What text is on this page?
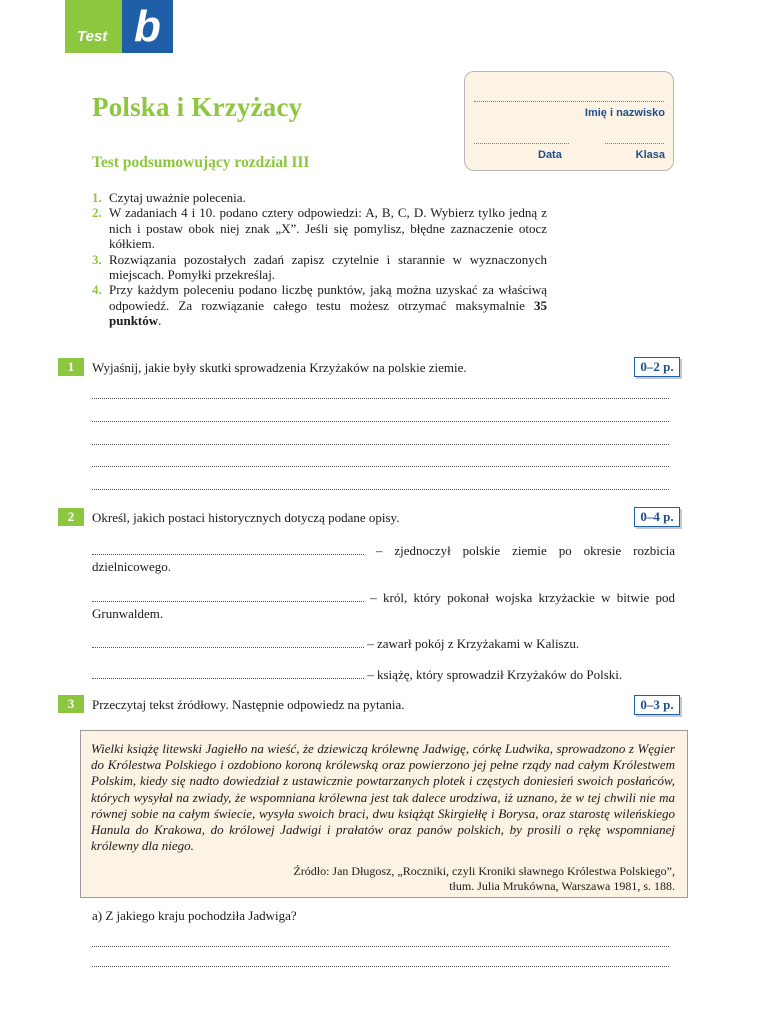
Test b
Polska i Krzyżacy
Test podsumowujący rozdział III
Imię i nazwisko
Data	Klasa
1. Czytaj uważnie polecenia.
2. W zadaniach 4 i 10. podano cztery odpowiedzi: A, B, C, D. Wybierz tylko jedną z nich i postaw obok niej znak „X”. Jeśli się pomylisz, błędne zaznaczenie otocz kółkiem.
3. Rozwiązania pozostałych zadań zapisz czytelnie i starannie w wyznaczonych miejscach. Pomyłki przekreślaj.
4. Przy każdym poleceniu podano liczbę punktów, jaką można uzyskać za właściwą odpowiedź. Za rozwiązanie całego testu możesz otrzymać maksymalnie 35 punktów.
1	Wyjaśnij, jakie były skutki sprowadzenia Krzyżaków na polskie ziemie.	0–2 p.
2	Określ, jakich postaci historycznych dotyczą podane opisy.	0–4 p.
– zjednoczył polskie ziemie po okresie rozbicia dzielnicowego.
– król, który pokonał wojska krzyżackie w bitwie pod Grunwaldem.
– zawarł pokój z Krzyżakami w Kaliszu.
– książę, który sprowadził Krzyżaków do Polski.
3	Przeczytaj tekst źródłowy. Następnie odpowiedz na pytania.	0–3 p.
Wielki książę litewski Jagiełło na wieść, że dziewiczą królewnę Jadwigę, córkę Ludwika, sprowadzono z Węgier do Królestwa Polskiego i ozdobiono koroną królewską oraz powierzono jej pełne rządy nad całym Królestwem Polskim, kiedy się nadto dowiedział z ustawicznie powtarzanych plotek i częstych doniesień swoich posłańców, których wysyłał na zwiady, że wspomniana królewna jest tak dalece urodziwa, iż uznano, że w tej chwili nie ma równej sobie na całym świecie, wysyła swoich braci, dwu książąt Skirgiełłę i Borysa, oraz starostę wileńskiego Hanula do Krakowa, do królowej Jadwigi i prałatów oraz panów polskich, by prosili o rękę wspomnianej królewny dla niego.
Źródło: Jan Długosz, „Roczniki, czyli Kroniki sławnego Królestwa Polskiego”,
tłum. Julia Mrukówna, Warszawa 1981, s. 188.
a) Z jakiego kraju pochodziła Jadwiga?
